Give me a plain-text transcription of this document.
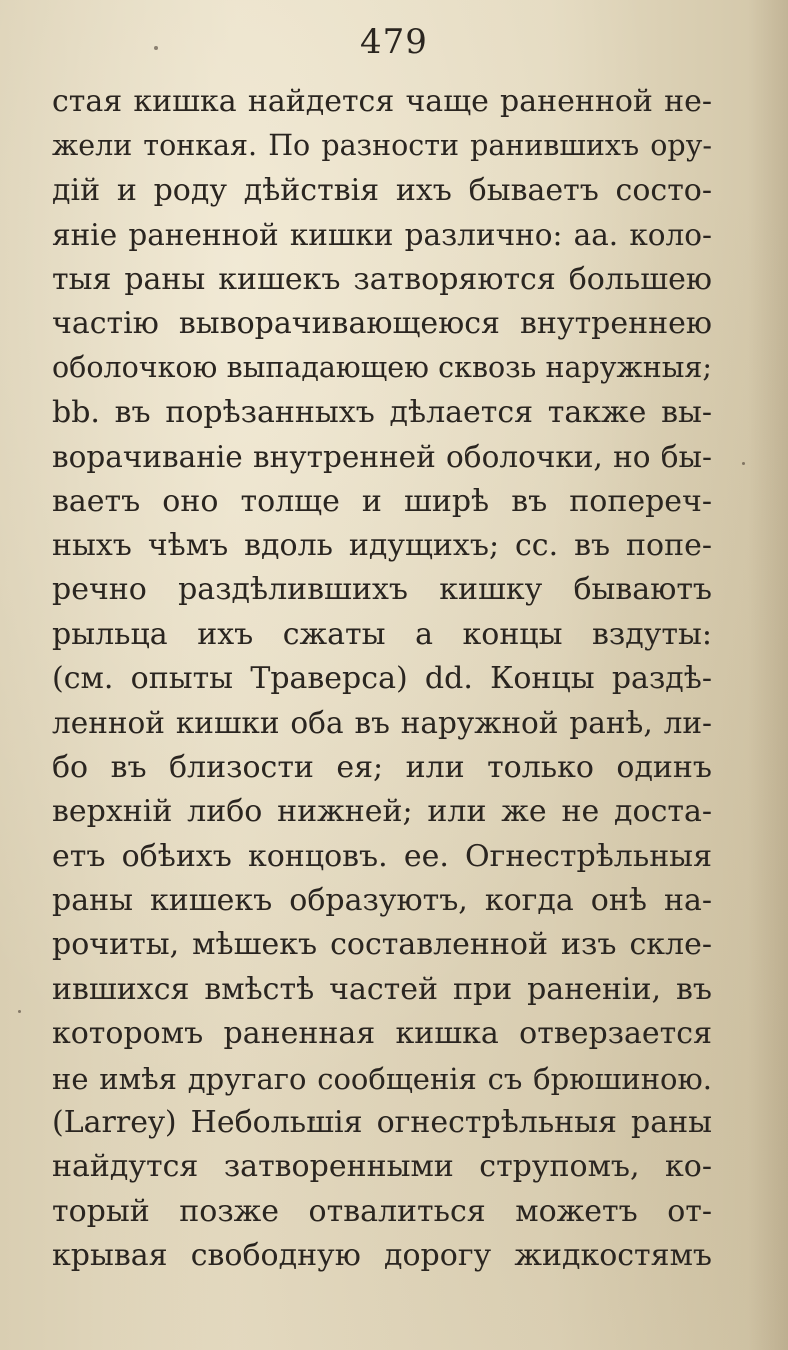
479
стая кишка найдется чаще раненной не-
жели тонкая. По разности ранившихъ ору-
дій и роду дѣйствія ихъ бываетъ состо-
яніе раненной кишки различно: aa. коло-
тыя раны кишекъ затворяются большею
частію выворачивающеюся внутреннею
оболочкою выпадающею сквозь наружныя;
bb. въ порѣзанныхъ дѣлается также вы-
ворачиваніе внутренней оболочки, но бы-
ваетъ оно толще и ширѣ въ попереч-
ныхъ чѣмъ вдоль идущихъ; cc. въ попе-
речно раздѣлившихъ кишку бываютъ
рыльца ихъ сжаты а концы вздуты:
(см. опыты Траверса) dd. Концы раздѣ-
ленной кишки оба въ наружной ранѣ, ли-
бо въ близости ея; или только одинъ
верхній либо нижней; или же не доста-
етъ обѣихъ концовъ. ee. Огнестрѣльныя
раны кишекъ образуютъ, когда онѣ на-
рочиты, мѣшекъ составленной изъ скле-
ившихся вмѣстѣ частей при раненіи, въ
которомъ раненная кишка отверзается
не имѣя другаго сообщенія съ брюшиною.
(Larrey) Небольшія огнестрѣльныя раны
найдутся затворенными струпомъ, ко-
торый позже отвалиться можетъ от-
крывая свободную дорогу жидкостямъ
